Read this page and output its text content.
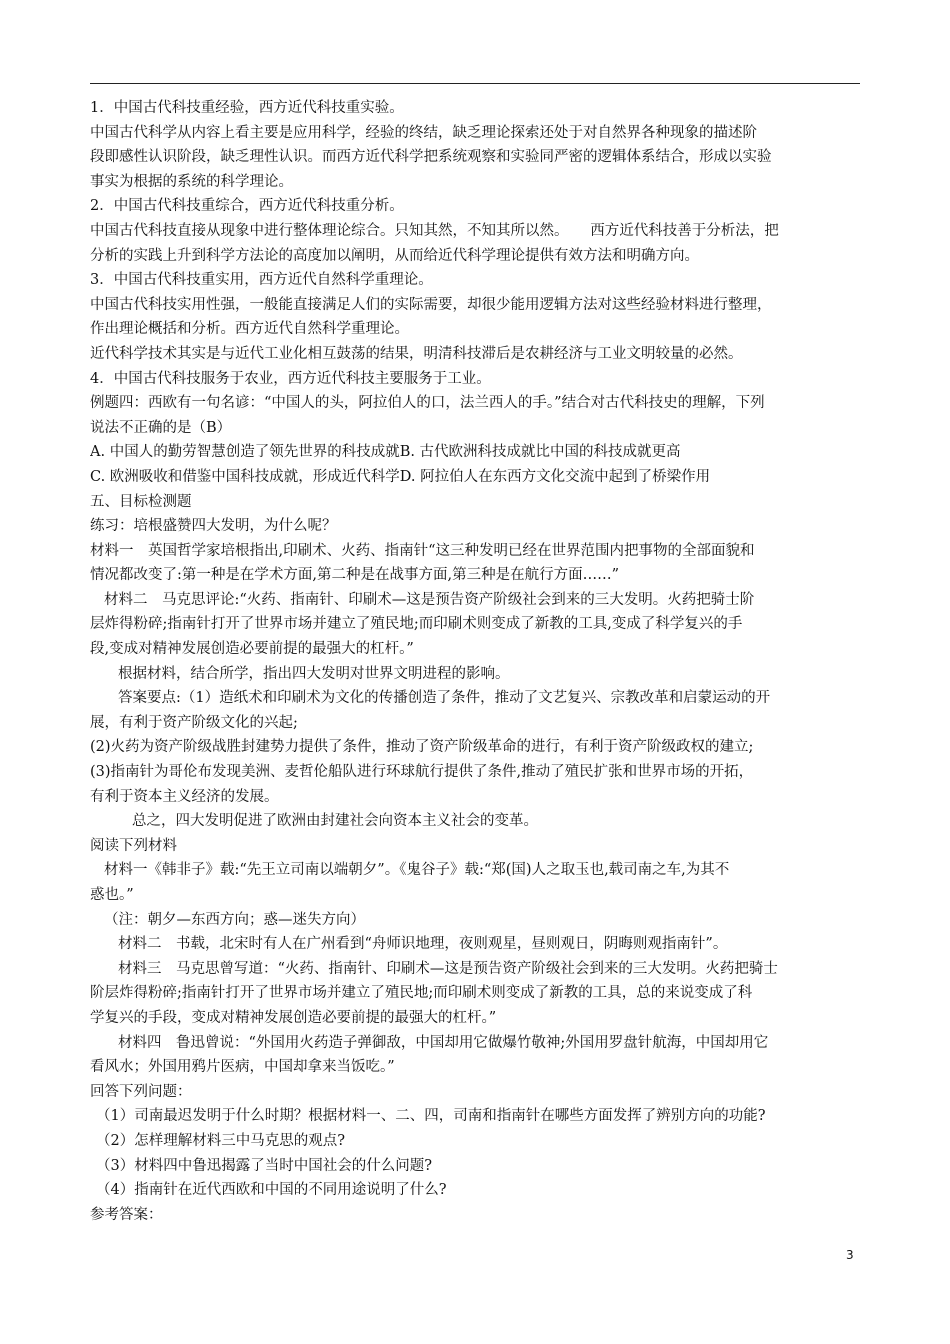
1．中国古代科技重经验，西方近代科技重实验。
中国古代科学从内容上看主要是应用科学，经验的终结，缺乏理论探索还处于对自然界各种现象的描述阶
段即感性认识阶段，缺乏理性认识。而西方近代科学把系统观察和实验同严密的逻辑体系结合，形成以实验
事实为根据的系统的科学理论。
2．中国古代科技重综合，西方近代科技重分析。
中国古代科技直接从现象中进行整体理论综合。只知其然，不知其所以然。　　西方近代科技善于分析法，把
分析的实践上升到科学方法论的高度加以阐明，从而给近代科学理论提供有效方法和明确方向。
3．中国古代科技重实用，西方近代自然科学重理论。
中国古代科技实用性强，一般能直接满足人们的实际需要，却很少能用逻辑方法对这些经验材料进行整理，
作出理论概括和分析。西方近代自然科学重理论。
近代科学技术其实是与近代工业化相互鼓荡的结果，明清科技滞后是农耕经济与工业文明较量的必然。
4．中国古代科技服务于农业，西方近代科技主要服务于工业。
例题四：西欧有一句名谚：“中国人的头，阿拉伯人的口，法兰西人的手。”结合对古代科技史的理解，下列
说法不正确的是（B）
A. 中国人的勤劳智慧创造了领先世界的科技成就B. 古代欧洲科技成就比中国的科技成就更高
C. 欧洲吸收和借鉴中国科技成就，形成近代科学D. 阿拉伯人在东西方文化交流中起到了桥梁作用
五、目标检测题
练习：培根盛赞四大发明，为什么呢？
材料一　英国哲学家培根指出,印刷术、火药、指南针“这三种发明已经在世界范围内把事物的全部面貌和
情况都改变了:第一种是在学术方面,第二种是在战事方面,第三种是在航行方面……”
材料二　马克思评论:“火药、指南针、印刷术—这是预告资产阶级社会到来的三大发明。火药把骑士阶
层炸得粉碎;指南针打开了世界市场并建立了殖民地;而印刷术则变成了新教的工具,变成了科学复兴的手
段,变成对精神发展创造必要前提的最强大的杠杆。”
根据材料，结合所学，指出四大发明对世界文明进程的影响。
答案要点:（1）造纸术和印刷术为文化的传播创造了条件，推动了文艺复兴、宗教改革和启蒙运动的开
展，有利于资产阶级文化的兴起;
(2)火药为资产阶级战胜封建势力提供了条件，推动了资产阶级革命的进行，有利于资产阶级政权的建立;
(3)指南针为哥伦布发现美洲、麦哲伦船队进行环球航行提供了条件,推动了殖民扩张和世界市场的开拓，
有利于资本主义经济的发展。
总之，四大发明促进了欧洲由封建社会向资本主义社会的变革。
阅读下列材料
材料一《韩非子》载:“先王立司南以端朝夕”。《鬼谷子》载:“郑(国)人之取玉也,载司南之车,为其不
惑也。”
（注：朝夕—东西方向；惑—迷失方向）
材料二　书载，北宋时有人在广州看到“舟师识地理，夜则观星，昼则观日，阴晦则观指南针”。
材料三　马克思曾写道：“火药、指南针、印刷术—这是预告资产阶级社会到来的三大发明。火药把骑士
阶层炸得粉碎;指南针打开了世界市场并建立了殖民地;而印刷术则变成了新教的工具，总的来说变成了科
学复兴的手段，变成对精神发展创造必要前提的最强大的杠杆。”
材料四　鲁迅曾说：“外国用火药造子弹御敌，中国却用它做爆竹敬神;外国用罗盘针航海，中国却用它
看风水；外国用鸦片医病，中国却拿来当饭吃。”
回答下列问题：
（1）司南最迟发明于什么时期？根据材料一、二、四，司南和指南针在哪些方面发挥了辨别方向的功能?
（2）怎样理解材料三中马克思的观点?
（3）材料四中鲁迅揭露了当时中国社会的什么问题?
（4）指南针在近代西欧和中国的不同用途说明了什么?
参考答案：
3
